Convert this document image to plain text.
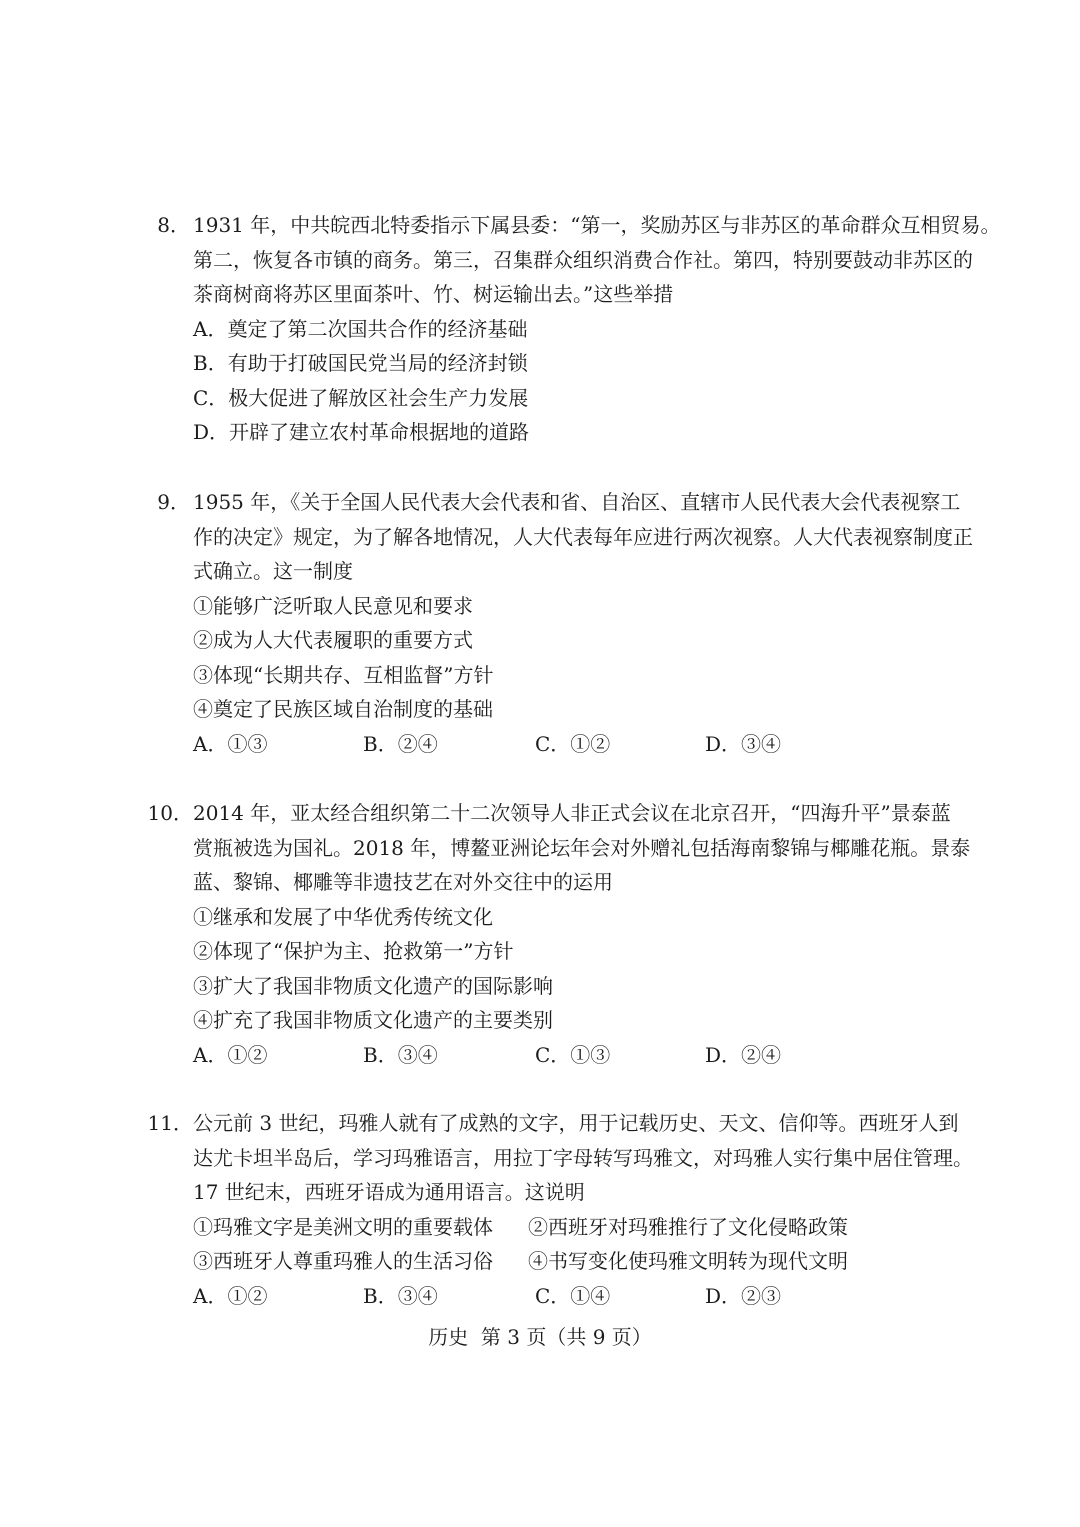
8． 1931 年，中共皖西北特委指示下属县委：“第一，奖励苏区与非苏区的革命群众互相贸易。
第二，恢复各市镇的商务。第三，召集群众组织消费合作社。第四，特别要鼓动非苏区的
茶商树商将苏区里面茶叶、竹、树运输出去。”这些举措
A．奠定了第二次国共合作的经济基础
B．有助于打破国民党当局的经济封锁
C．极大促进了解放区社会生产力发展
D．开辟了建立农村革命根据地的道路
9． 1955 年，《关于全国人民代表大会代表和省、自治区、直辖市人民代表大会代表视察工
作的决定》规定，为了解各地情况，人大代表每年应进行两次视察。人大代表视察制度正
式确立。这一制度
①能够广泛听取人民意见和要求
②成为人大代表履职的重要方式
③体现“长期共存、互相监督”方针
④奠定了民族区域自治制度的基础
A．①③	B．②④	C．①②	D．③④
10． 2014 年，亚太经合组织第二十二次领导人非正式会议在北京召开，“四海升平”景泰蓝
赏瓶被选为国礼。2018 年，博鳌亚洲论坛年会对外赠礼包括海南黎锦与椰雕花瓶。景泰
蓝、黎锦、椰雕等非遗技艺在对外交往中的运用
①继承和发展了中华优秀传统文化
②体现了“保护为主、抢救第一”方针
③扩大了我国非物质文化遗产的国际影响
④扩充了我国非物质文化遗产的主要类别
A．①②	B．③④	C．①③	D．②④
11． 公元前 3 世纪，玛雅人就有了成熟的文字，用于记载历史、天文、信仰等。西班牙人到
达尤卡坦半岛后，学习玛雅语言，用拉丁字母转写玛雅文，对玛雅人实行集中居住管理。
17 世纪末，西班牙语成为通用语言。这说明
①玛雅文字是美洲文明的重要载体 ②西班牙对玛雅推行了文化侵略政策
③西班牙人尊重玛雅人的生活习俗 ④书写变化使玛雅文明转为现代文明
A．①②	B．③④	C．①④	D．②③
历史  第 3 页（共 9 页）
